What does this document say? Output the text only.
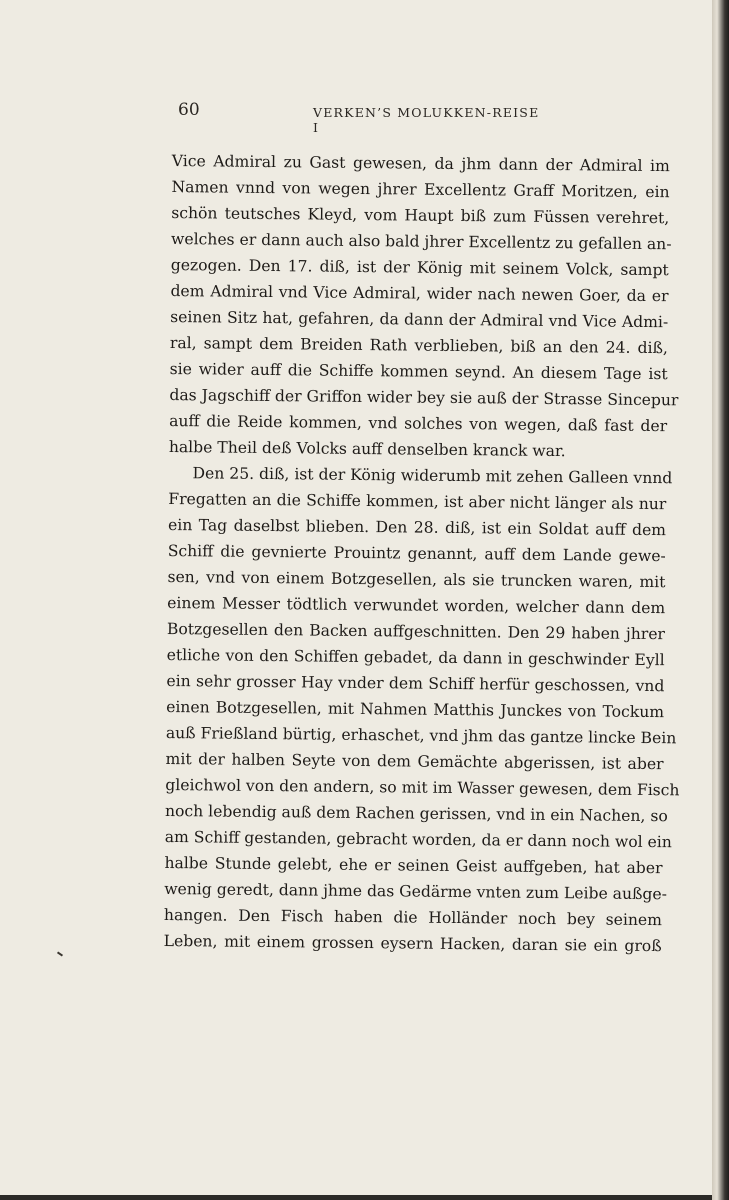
60	VERKEN’S MOLUKKEN-REISE I
Vice Admiral zu Gast gewesen, da jhm dann der Admiral im
Namen vnnd von wegen jhrer Excellentz Graff Moritzen, ein
schön teutsches Kleyd, vom Haupt biß zum Füssen verehret,
welches er dann auch also bald jhrer Excellentz zu gefallen an-
gezogen. Den 17. diß, ist der König mit seinem Volck, sampt
dem Admiral vnd Vice Admiral, wider nach newen Goer, da er
seinen Sitz hat, gefahren, da dann der Admiral vnd Vice Admi-
ral, sampt dem Breiden Rath verblieben, biß an den 24. diß,
sie wider auff die Schiffe kommen seynd. An diesem Tage ist
das Jagschiff der Griffon wider bey sie auß der Strasse Sincepur
auff die Reide kommen, vnd solches von wegen, daß fast der
halbe Theil deß Volcks auff denselben kranck war.
Den 25. diß, ist der König widerumb mit zehen Galleen vnnd
Fregatten an die Schiffe kommen, ist aber nicht länger als nur
ein Tag daselbst blieben. Den 28. diß, ist ein Soldat auff dem
Schiff die gevnierte Prouintz genannt, auff dem Lande gewe-
sen, vnd von einem Botzgesellen, als sie truncken waren, mit
einem Messer tödtlich verwundet worden, welcher dann dem
Botzgesellen den Backen auffgeschnitten. Den 29 haben jhrer
etliche von den Schiffen gebadet, da dann in geschwinder Eyll
ein sehr grosser Hay vnder dem Schiff herfür geschossen, vnd
einen Botzgesellen, mit Nahmen Matthis Junckes von Tockum
auß Frießland bürtig, erhaschet, vnd jhm das gantze lincke Bein
mit der halben Seyte von dem Gemächte abgerissen, ist aber
gleichwol von den andern, so mit im Wasser gewesen, dem Fisch
noch lebendig auß dem Rachen gerissen, vnd in ein Nachen, so
am Schiff gestanden, gebracht worden, da er dann noch wol ein
halbe Stunde gelebt, ehe er seinen Geist auffgeben, hat aber
wenig geredt, dann jhme das Gedärme vnten zum Leibe außge-
hangen. Den Fisch haben die Holländer noch bey seinem
Leben, mit einem grossen eysern Hacken, daran sie ein groß
